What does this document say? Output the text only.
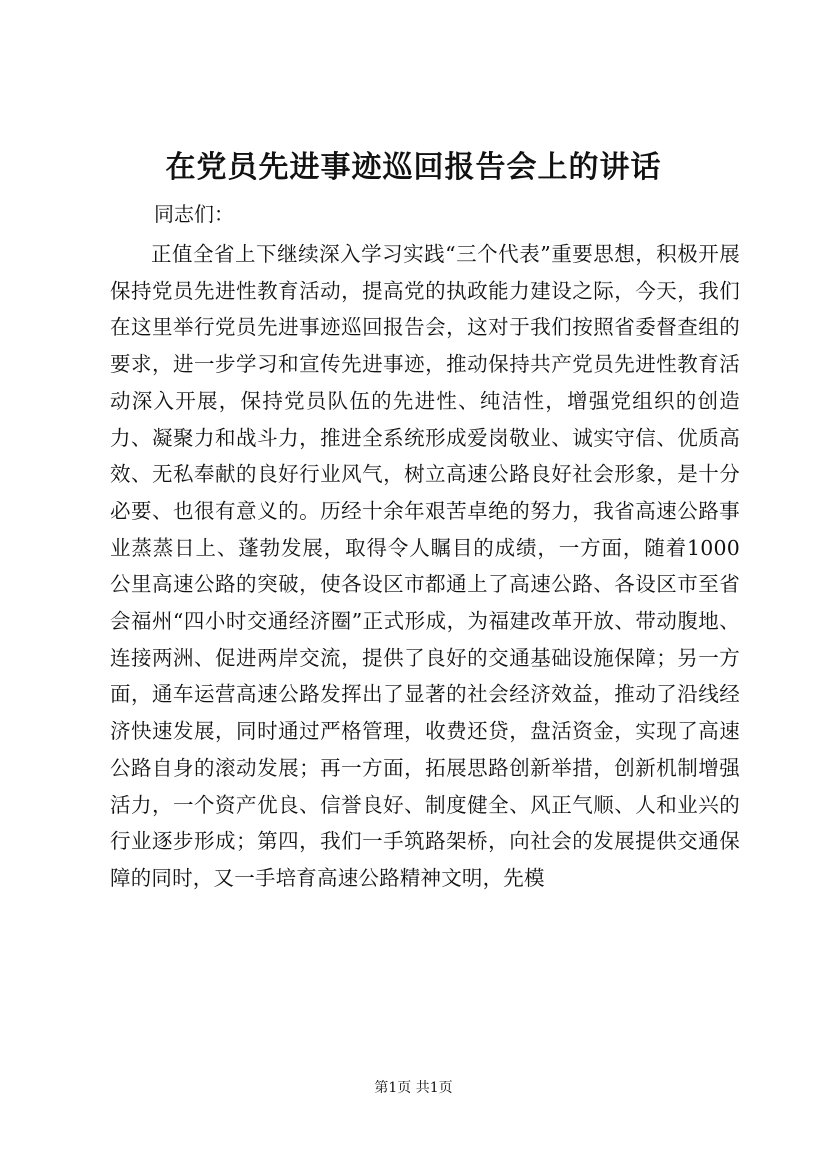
在党员先进事迹巡回报告会上的讲话

同志们：

正值全省上下继续深入学习实践“三个代表”重要思想，积极开展保持党员先进性教育活动，提高党的执政能力建设之际，今天，我们在这里举行党员先进事迹巡回报告会，这对于我们按照省委督查组的要求，进一步学习和宣传先进事迹，推动保持共产党员先进性教育活动深入开展，保持党员队伍的先进性、纯洁性，增强党组织的创造力、凝聚力和战斗力，推进全系统形成爱岗敬业、诚实守信、优质高效、无私奉献的良好行业风气，树立高速公路良好社会形象，是十分必要、也很有意义的。历经十余年艰苦卓绝的努力，我省高速公路事业蒸蒸日上、蓬勃发展，取得令人瞩目的成绩，一方面，随着1000公里高速公路的突破，使各设区市都通上了高速公路、各设区市至省会福州“四小时交通经济圈”正式形成，为福建改革开放、带动腹地、连接两洲、促进两岸交流，提供了良好的交通基础设施保障；另一方面，通车运营高速公路发挥出了显著的社会经济效益，推动了沿线经济快速发展，同时通过严格管理，收费还贷，盘活资金，实现了高速公路自身的滚动发展；再一方面，拓展思路创新举措，创新机制增强活力，一个资产优良、信誉良好、制度健全、风正气顺、人和业兴的行业逐步形成；第四，我们一手筑路架桥，向社会的发展提供交通保障的同时，又一手培育高速公路精神文明，先模

第1页 共1页
